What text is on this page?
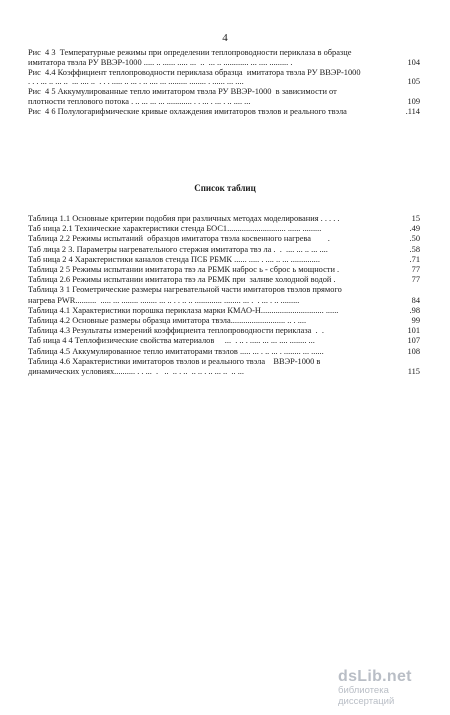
4
Рис  4 3  Температурные режимы при определении теплопроводности периклаза в образце
имитатора твэла РУ ВВЭР-1000 ..... .. ...... ..... ...  ..  ... .. ............ ... .... ......... .	104
Рис  4.4 Коэффициент теплопроводности периклаза образца  имитатора твэла РУ ВВЭР-1000
. . . ... .. ... ..  ... .... ..  . . . ..... .. ... . .. .... ... ......... ........ . ...... ... ....	105
Рис  4 5 Аккумулированные тепло имитатором твэла РУ ВВЭР-1000  в зависимости от
плотности теплового потока . .. ... ... ... ............ . . ... . ... . .. .... ...	109
Рис  4 6 Полулогарифмические кривые охлаждения имитаторов твэлов и реального твэла	.114
Список таблиц
Таблица 1.1 Основные критерии подобия при различных методах моделирования . . . . .	15
Таб ница 2.1 Технические характеристики стенда БОС1............................ ...... .........	.49
Таблица 2.2 Режимы испытаний  образцов имитатора твэла косвенного нагрева        .	.50
Таб лица 2 3. Параметры нагревательного стержня имитатора твэ ла .  .  .... ... .. ... ....	.58
Таб ница 2 4 Характеристики каналов стенда ПСБ РБМК ...... ..... . .... .. ... ..............	.71
Таблица 2 5 Режимы испытании имитатора твэ ла РБМК наброс ь - сброс ь мощности .	77
Таблица 2.6 Режимы испытании имитатора твэ ла РБМК при  залнве холодной водой .	77
Таблица 3 1 Геометрические размеры нагревательной части имитаторов твэлов прямого
нагрева PWR..........  ..... ... ........ ........ ... .. . . .. .. ............. ........ ... .  . ... . .. .........	84
Таблица 4.1 Характеристики порошка периклаза марки КМАО-Н.............................. ......	.98
Таблица 4.2 Основные размеры образца имитатора твэла.......................... .. . ....	99
Таблица 4.3 Результаты измерений коэффициента теплопроводности периклаза  .  .	101
Таб ница 4 4 Теплофизические свойства материалов     ...  . .. . ..... ... ... .... ........ ...	107
Таблица 4.5 Аккумулированное тепло имитаторами твэлов ..... ... . .. ... . ........ ... ......	108
Таблица 4.6 Характеристики имитаторов твэлов и реального твэла    ВВЭР-1000 в
динамических условиях.......... . . ...  .   ..  .. . ..  .. .. . .. ... ..  .. ...	115
dsLib.net
библиотека диссертаций
